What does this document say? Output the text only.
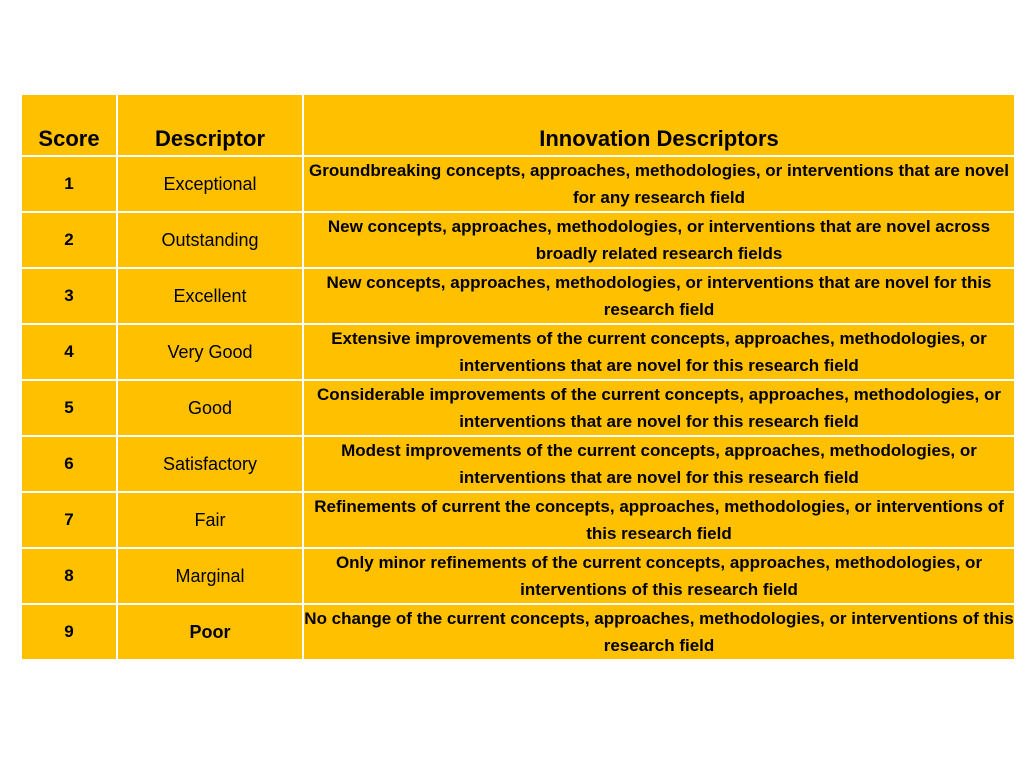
Score	Descriptor	Innovation Descriptors
1	Exceptional	Groundbreaking concepts, approaches, methodologies, or interventions that are novel for any research field
2	Outstanding	New concepts, approaches, methodologies, or interventions that are novel across broadly related research fields
3	Excellent	New concepts, approaches, methodologies, or interventions that are novel for this research field
4	Very Good	Extensive improvements of the current concepts, approaches, methodologies, or interventions that are novel for this research field
5	Good	Considerable improvements of the current concepts, approaches, methodologies, or interventions that are novel for this research field
6	Satisfactory	Modest improvements of the current concepts, approaches, methodologies, or interventions that are novel for this research field
7	Fair	Refinements of current the concepts, approaches, methodologies, or interventions of this research field
8	Marginal	Only minor refinements of the current concepts, approaches, methodologies, or interventions of this research field
9	Poor	No change of the current concepts, approaches, methodologies, or interventions of this research field
